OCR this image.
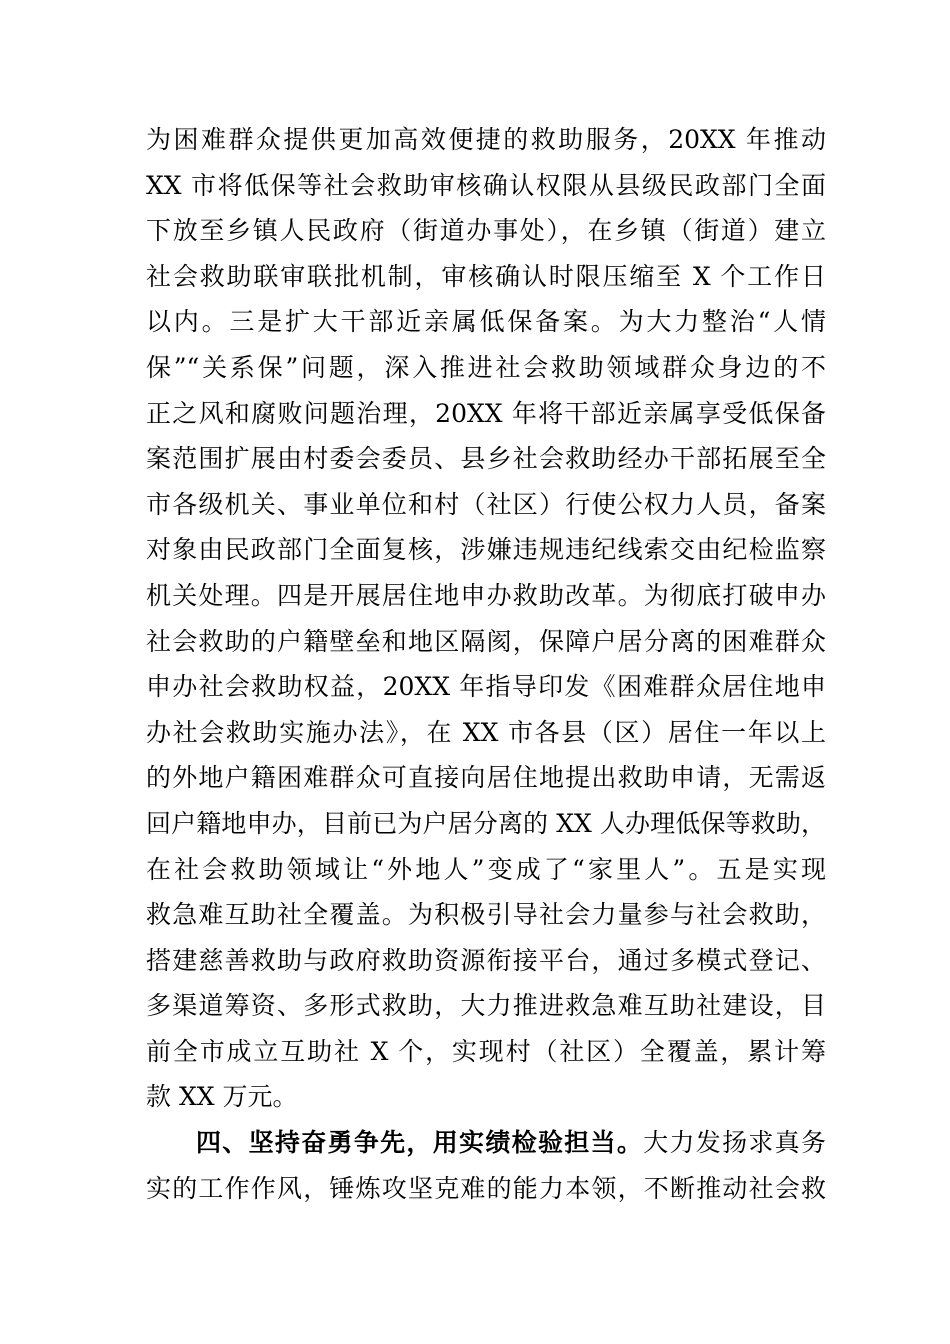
为困难群众提供更加高效便捷的救助服务，20XX 年推动
XX 市将低保等社会救助审核确认权限从县级民政部门全面
下放至乡镇人民政府（街道办事处），在乡镇（街道）建立
社会救助联审联批机制，审核确认时限压缩至 X 个工作日
以内。三是扩大干部近亲属低保备案。为大力整治“人情
保”“关系保”问题，深入推进社会救助领域群众身边的不
正之风和腐败问题治理，20XX 年将干部近亲属享受低保备
案范围扩展由村委会委员、县乡社会救助经办干部拓展至全
市各级机关、事业单位和村（社区）行使公权力人员，备案
对象由民政部门全面复核，涉嫌违规违纪线索交由纪检监察
机关处理。四是开展居住地申办救助改革。为彻底打破申办
社会救助的户籍壁垒和地区隔阂，保障户居分离的困难群众
申办社会救助权益，20XX 年指导印发《困难群众居住地申
办社会救助实施办法》，在 XX 市各县（区）居住一年以上
的外地户籍困难群众可直接向居住地提出救助申请，无需返
回户籍地申办，目前已为户居分离的 XX 人办理低保等救助，
在社会救助领域让“外地人”变成了“家里人”。五是实现
救急难互助社全覆盖。为积极引导社会力量参与社会救助，
搭建慈善救助与政府救助资源衔接平台，通过多模式登记、
多渠道筹资、多形式救助，大力推进救急难互助社建设，目
前全市成立互助社 X 个，实现村（社区）全覆盖，累计筹
款 XX 万元。
四、坚持奋勇争先，用实绩检验担当。大力发扬求真务
实的工作作风，锤炼攻坚克难的能力本领，不断推动社会救
